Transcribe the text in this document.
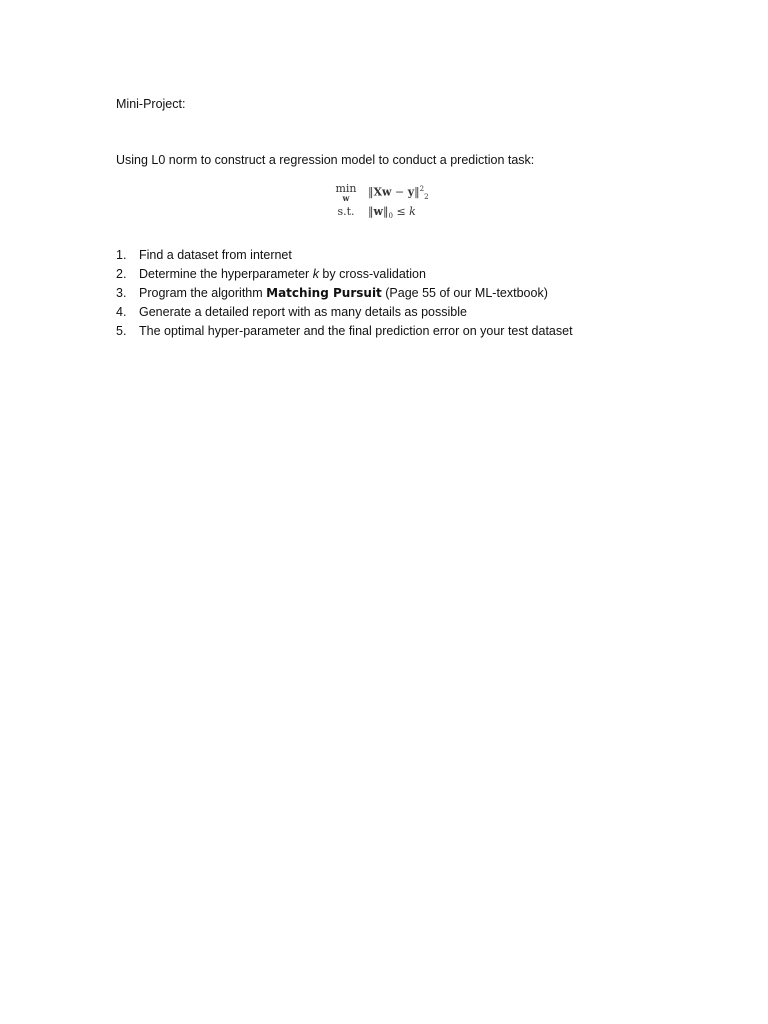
Mini-Project:
Using L0 norm to construct a regression model to conduct a prediction task:
min
w	‖Xw − y‖$^2_2$
s.t.	$‖w‖_0 \le k$
1. Find a dataset from internet
2. Determine the hyperparameter k by cross-validation
3. Program the algorithm Matching Pursuit (Page 55 of our ML-textbook)
4. Generate a detailed report with as many details as possible
5. The optimal hyper-parameter and the final prediction error on your test dataset
